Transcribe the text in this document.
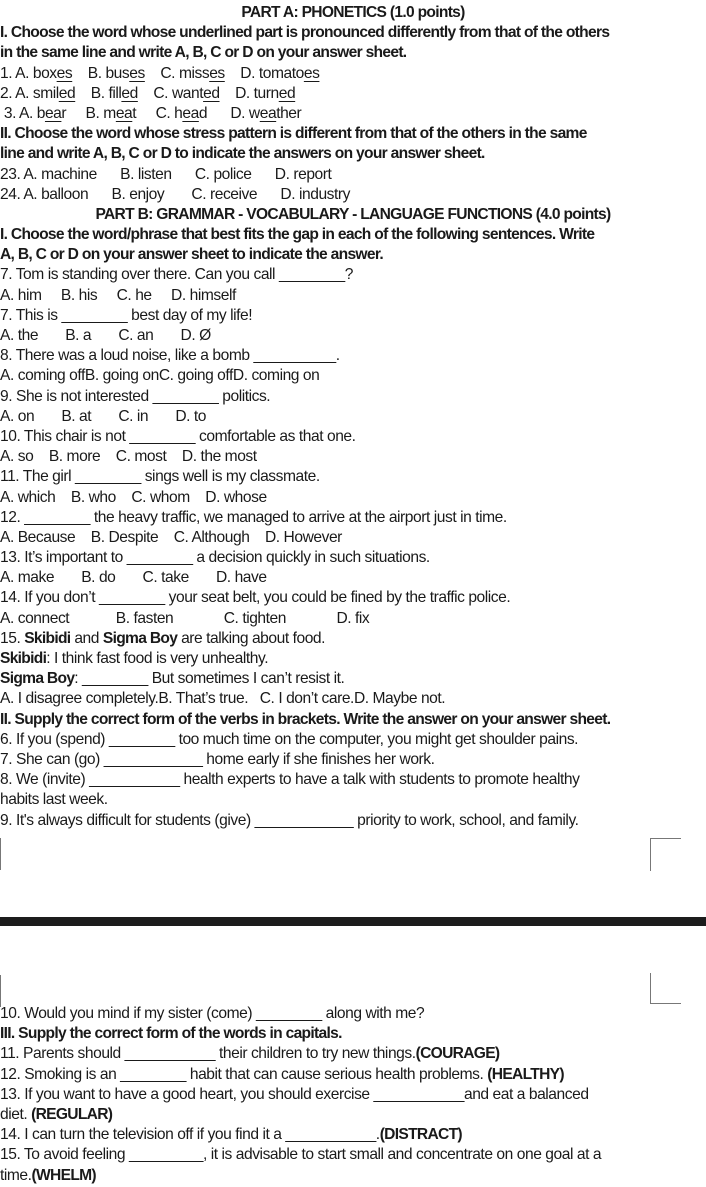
PART A: PHONETICS (1.0 points)
I. Choose the word whose underlined part is pronounced differently from that of the others
in the same line and write A, B, C or D on your answer sheet.
1. A. boxes    B. buses    C. misses    D. tomatoes
2. A. smiled    B. filled    C. wanted    D. turned
3. A. bear     B. meat     C. head      D. weather
II. Choose the word whose stress pattern is different from that of the others in the same
line and write A, B, C or D to indicate the answers on your answer sheet.
23. A. machine      B. listen      C. police      D. report
24. A. balloon      B. enjoy       C. receive      D. industry
PART B: GRAMMAR - VOCABULARY - LANGUAGE FUNCTIONS (4.0 points)
I. Choose the word/phrase that best fits the gap in each of the following sentences. Write
A, B, C or D on your answer sheet to indicate the answer.
7. Tom is standing over there. Can you call ________?
A. him     B. his     C. he     D. himself
7. This is ________ best day of my life!
A. the       B. a       C. an       D. Ø
8. There was a loud noise, like a bomb __________.
A. coming offB. going onC. going offD. coming on
9. She is not interested ________ politics.
A. on       B. at       C. in       D. to
10. This chair is not ________ comfortable as that one.
A. so    B. more    C. most    D. the most
11. The girl ________ sings well is my classmate.
A. which    B. who    C. whom    D. whose
12. ________ the heavy traffic, we managed to arrive at the airport just in time.
A. Because    B. Despite    C. Although    D. However
13. It’s important to ________ a decision quickly in such situations.
A. make       B. do       C. take       D. have
14. If you don’t ________ your seat belt, you could be fined by the traffic police.
A. connect            B. fasten             C. tighten             D. fix
15. Skibidi and Sigma Boy are talking about food.
Skibidi: I think fast food is very unhealthy.
Sigma Boy: ________ But sometimes I can’t resist it.
A. I disagree completely.B. That’s true.   C. I don’t care.D. Maybe not.
II. Supply the correct form of the verbs in brackets. Write the answer on your answer sheet.
6. If you (spend) ________ too much time on the computer, you might get shoulder pains.
7. She can (go) ____________ home early if she finishes her work.
8. We (invite) ___________ health experts to have a talk with students to promote healthy
habits last week.
9. It's always difficult for students (give) ____________ priority to work, school, and family.
10. Would you mind if my sister (come) ________ along with me?
III. Supply the correct form of the words in capitals.
11. Parents should ___________ their children to try new things.(COURAGE)
12. Smoking is an ________ habit that can cause serious health problems. (HEALTHY)
13. If you want to have a good heart, you should exercise ___________and eat a balanced
diet. (REGULAR)
14. I can turn the television off if you find it a ___________.(DISTRACT)
15. To avoid feeling _________, it is advisable to start small and concentrate on one goal at a
time.(WHELM)
